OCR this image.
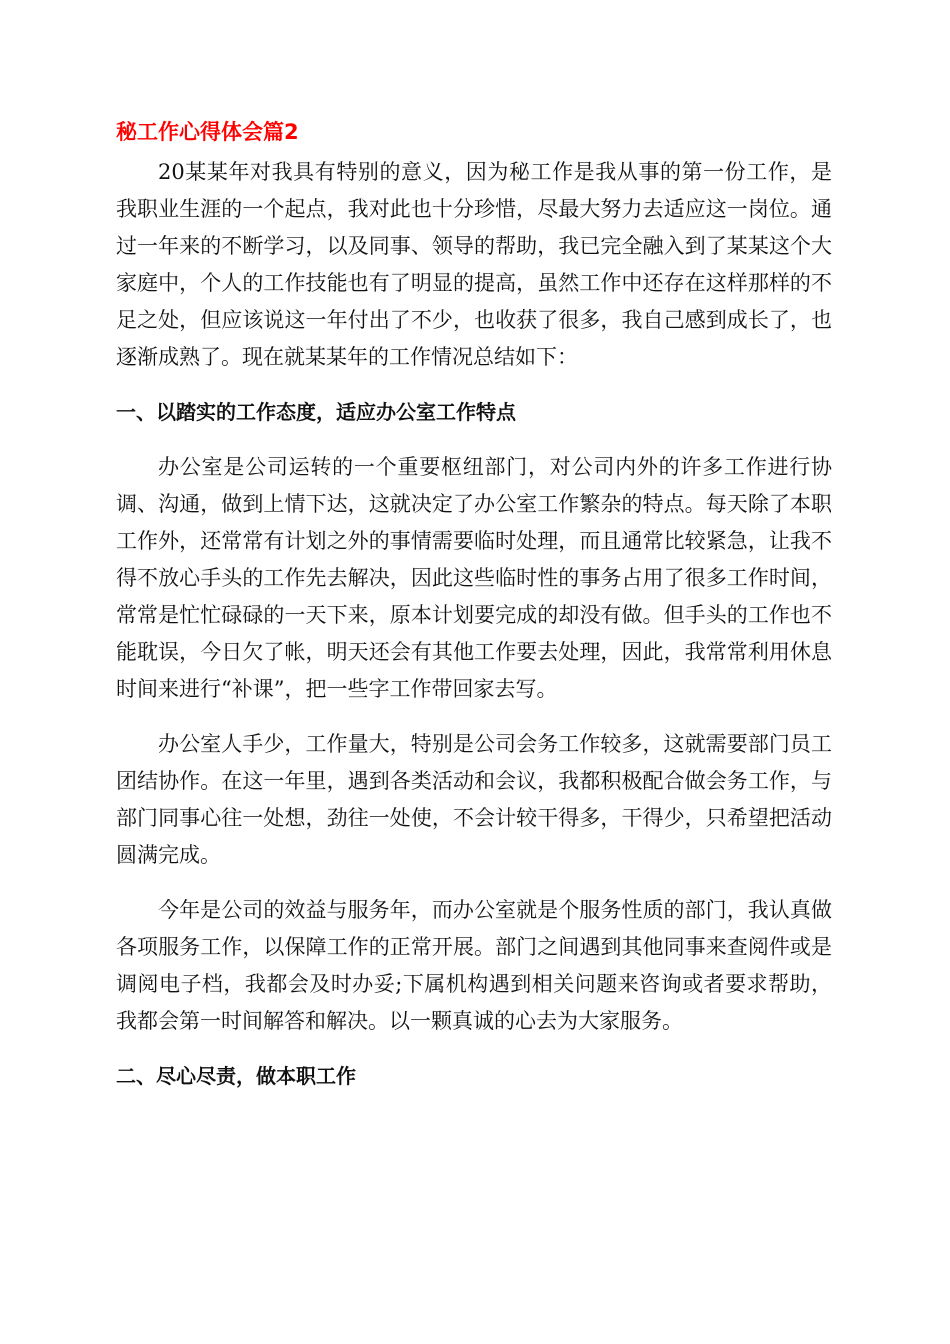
秘工作心得体会篇2

20某某年对我具有特别的意义，因为秘工作是我从事的第一份工作，是我职业生涯的一个起点，我对此也十分珍惜，尽最大努力去适应这一岗位。通过一年来的不断学习，以及同事、领导的帮助，我已完全融入到了某某这个大家庭中，个人的工作技能也有了明显的提高，虽然工作中还存在这样那样的不足之处，但应该说这一年付出了不少，也收获了很多，我自己感到成长了，也逐渐成熟了。现在就某某年的工作情况总结如下：

一、以踏实的工作态度，适应办公室工作特点

办公室是公司运转的一个重要枢纽部门，对公司内外的许多工作进行协调、沟通，做到上情下达，这就决定了办公室工作繁杂的特点。每天除了本职工作外，还常常有计划之外的事情需要临时处理，而且通常比较紧急，让我不得不放心手头的工作先去解决，因此这些临时性的事务占用了很多工作时间，常常是忙忙碌碌的一天下来，原本计划要完成的却没有做。但手头的工作也不能耽误，今日欠了帐，明天还会有其他工作要去处理，因此，我常常利用休息时间来进行“补课”，把一些字工作带回家去写。

办公室人手少，工作量大，特别是公司会务工作较多，这就需要部门员工团结协作。在这一年里，遇到各类活动和会议，我都积极配合做会务工作，与部门同事心往一处想，劲往一处使，不会计较干得多，干得少，只希望把活动圆满完成。

今年是公司的效益与服务年，而办公室就是个服务性质的部门，我认真做各项服务工作，以保障工作的正常开展。部门之间遇到其他同事来查阅件或是调阅电子档，我都会及时办妥;下属机构遇到相关问题来咨询或者要求帮助，我都会第一时间解答和解决。以一颗真诚的心去为大家服务。

二、尽心尽责，做本职工作
